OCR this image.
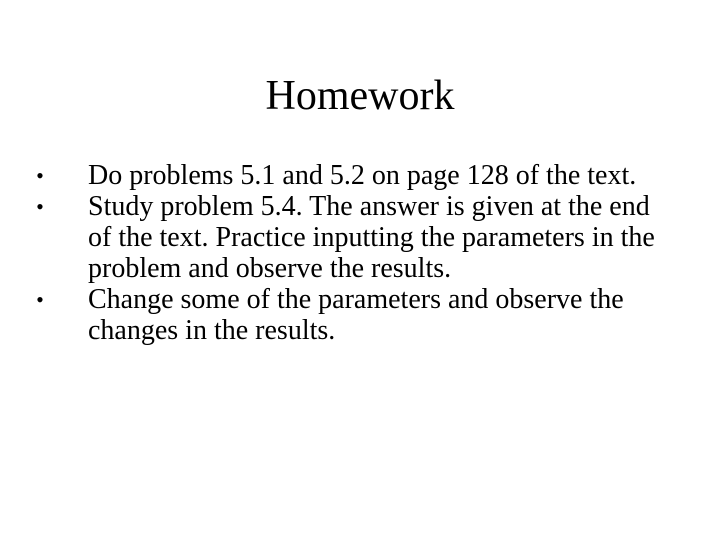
Homework
• Do problems 5.1 and 5.2 on page 128 of the text.
• Study problem 5.4. The answer is given at the end of the text. Practice inputting the parameters in the problem and observe the results.
• Change some of the parameters and observe the changes in the results.
